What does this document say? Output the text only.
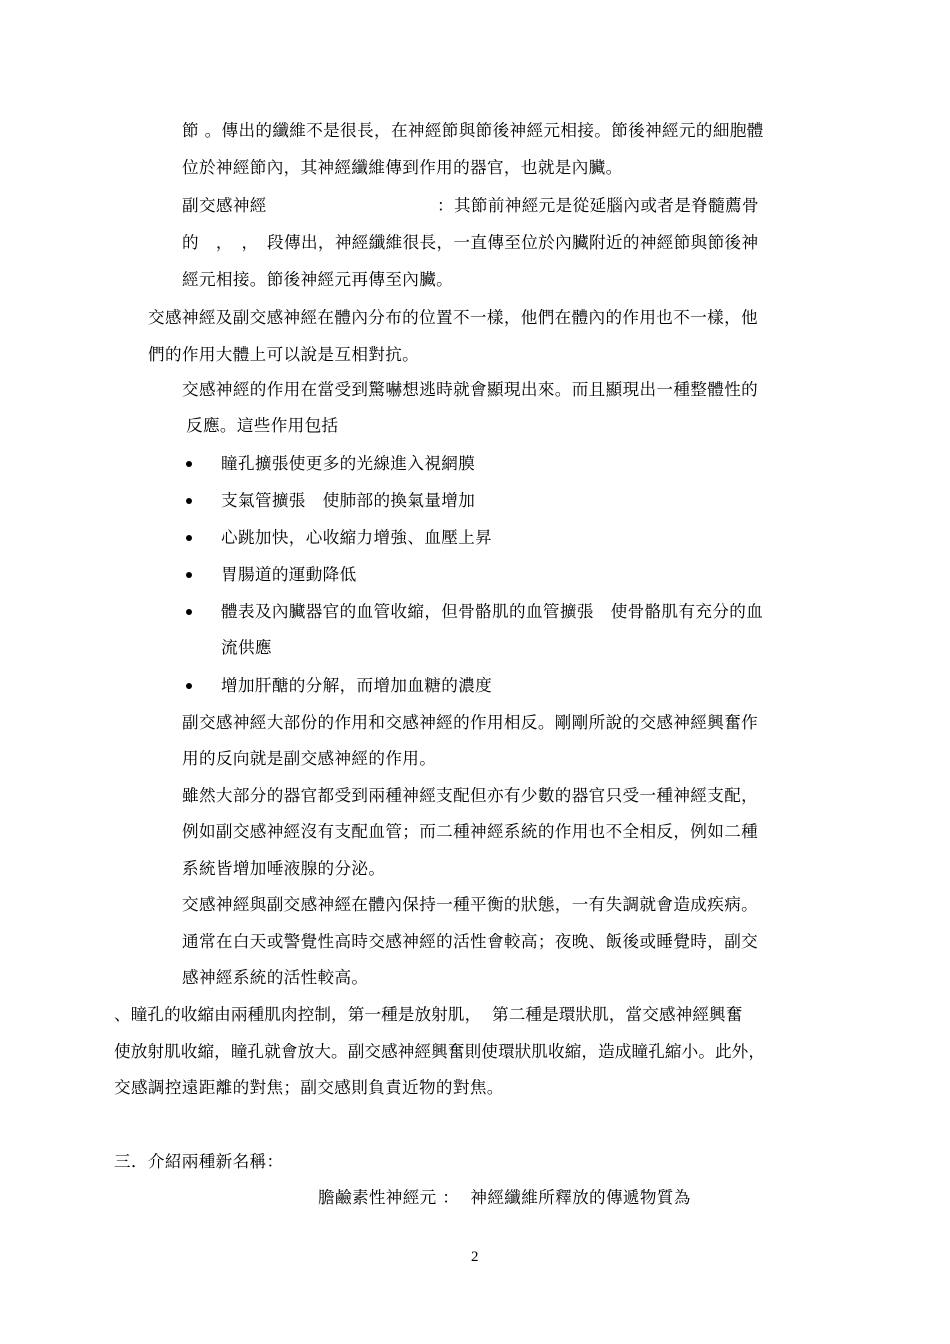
節 。傳出的纖維不是很長，在神經節與節後神經元相接。節後神經元的細胞體
位於神經節內，其神經纖維傳到作用的器官，也就是內臟。
副交感神經	：其節前神經元是從延腦內或者是脊髓薦骨
的　，　，　段傳出，神經纖維很長，一直傳至位於內臟附近的神經節與節後神
經元相接。節後神經元再傳至內臟。
交感神經及副交感神經在體內分布的位置不一樣，他們在體內的作用也不一樣，他
們的作用大體上可以說是互相對抗。
交感神經的作用在當受到驚嚇想逃時就會顯現出來。而且顯現出一種整體性的
反應。這些作用包括
瞳孔擴張使更多的光線進入視網膜
支氣管擴張　使肺部的換氣量增加
心跳加快，心收縮力增強、血壓上昇
胃腸道的運動降低
體表及內臟器官的血管收縮，但骨骼肌的血管擴張　使骨骼肌有充分的血
流供應
增加肝醣的分解，而增加血糖的濃度
副交感神經大部份的作用和交感神經的作用相反。剛剛所說的交感神經興奮作
用的反向就是副交感神經的作用。
雖然大部分的器官都受到兩種神經支配但亦有少數的器官只受一種神經支配，
例如副交感神經沒有支配血管；而二種神經系統的作用也不全相反，例如二種
系統皆增加唾液腺的分泌。
交感神經與副交感神經在體內保持一種平衡的狀態，一有失調就會造成疾病。
通常在白天或警覺性高時交感神經的活性會較高；夜晚、飯後或睡覺時，副交
感神經系統的活性較高。
、瞳孔的收縮由兩種肌肉控制，第一種是放射肌，  第二種是環狀肌，當交感神經興奮
使放射肌收縮，瞳孔就會放大。副交感神經興奮則使環狀肌收縮，造成瞳孔縮小。此外，
交感調控遠距離的對焦；副交感則負責近物的對焦。
三．介紹兩種新名稱：
膽鹼素性神經元 ：  神經纖維所釋放的傳遞物質為
2
